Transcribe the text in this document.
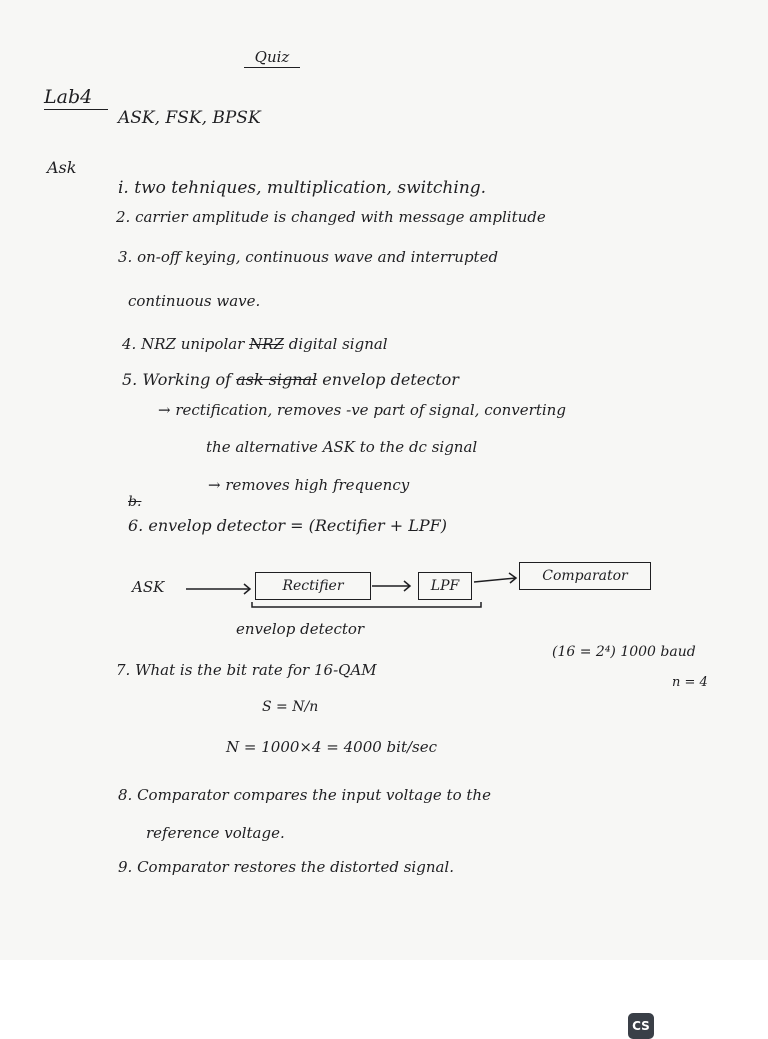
Quiz
Lab4
ASK, FSK, BPSK
Ask
i. two tehniques, multiplication, switching.
2. carrier amplitude is changed with message amplitude
3. on-off keying, continuous wave and interrupted
continuous wave.
4. NRZ unipolar NRZ digital signal
5. Working of ask signal envelop detector
→ rectification, removes -ve part of signal, converting
the alternative ASK to the dc signal
→ removes high frequency
b.
6. envelop detector = (Rectifier + LPF)
ASK	Rectifier	LPF
Comparator
envelop detector
7. What is the bit rate for 16-QAM
(16 = 2⁴) 1000 baud
n = 4
S = N/n
N = 1000×4 = 4000 bit/sec
8. Comparator compares the input voltage to the
reference voltage.
9. Comparator restores the distorted signal.
CS
